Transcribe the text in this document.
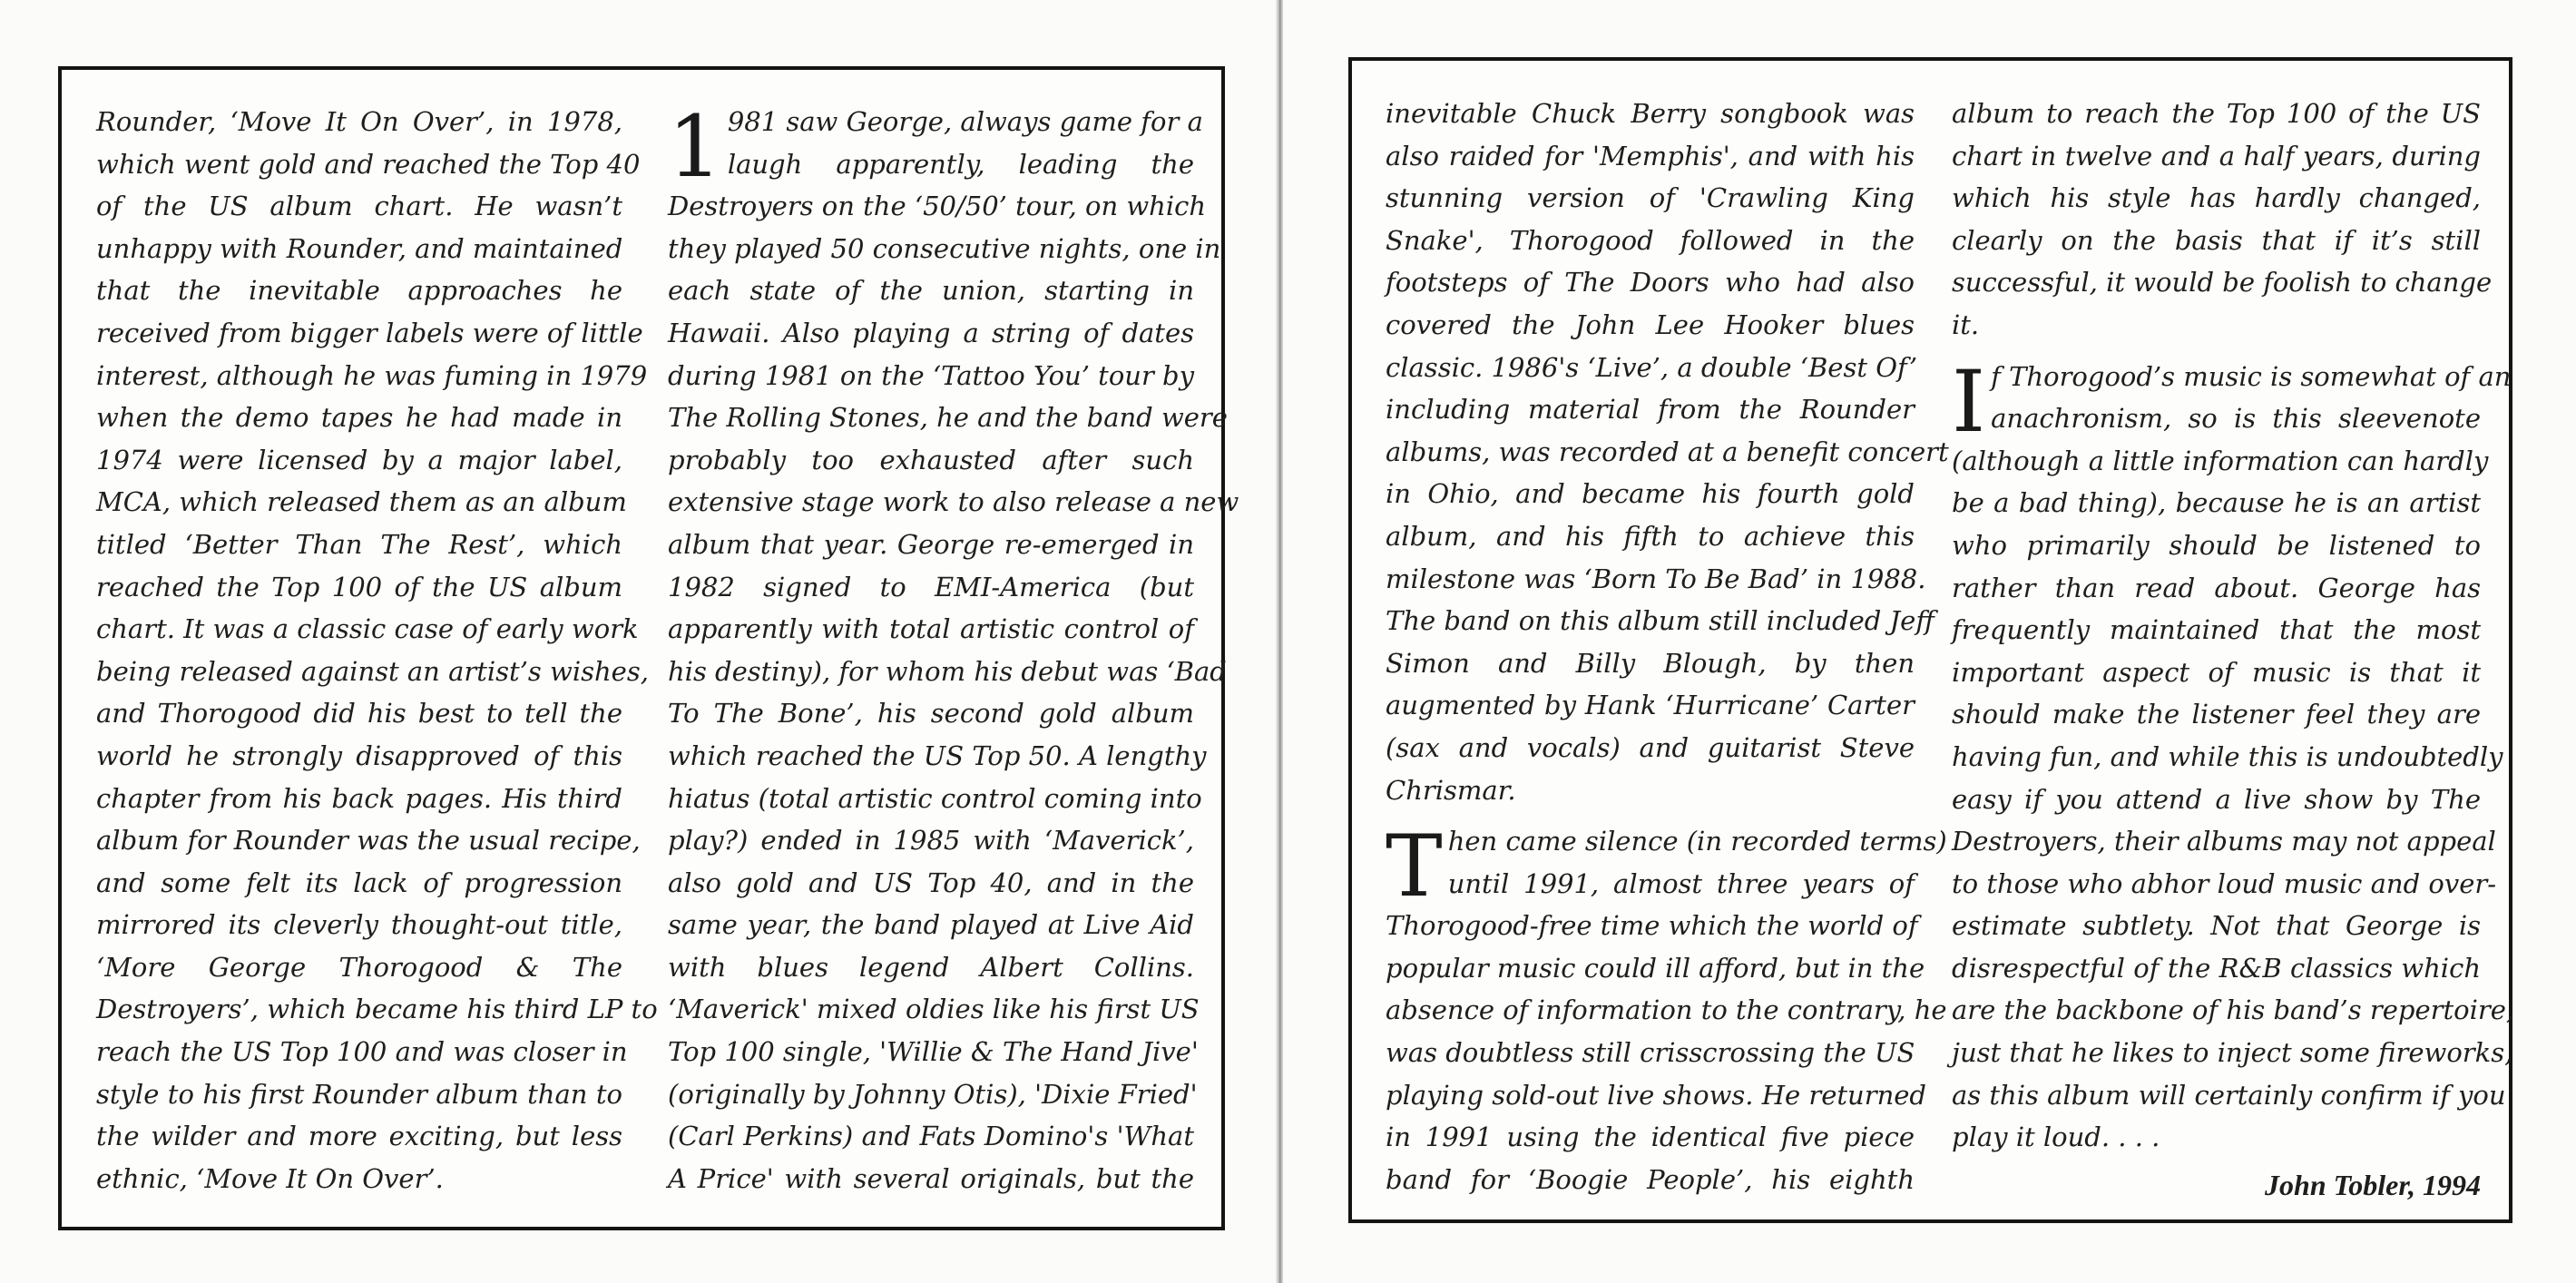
Rounder, ‘Move It On Over’, in 1978,
which went gold and reached the Top 40
of the US album chart. He wasn’t
unhappy with Rounder, and maintained
that the inevitable approaches he
received from bigger labels were of little
interest, although he was fuming in 1979
when the demo tapes he had made in
1974 were licensed by a major label,
MCA, which released them as an album
titled ‘Better Than The Rest’, which
reached the Top 100 of the US album
chart. It was a classic case of early work
being released against an artist’s wishes,
and Thorogood did his best to tell the
world he strongly disapproved of this
chapter from his back pages. His third
album for Rounder was the usual recipe,
and some felt its lack of progression
mirrored its cleverly thought-out title,
‘More George Thorogood & The
Destroyers’, which became his third LP to
reach the US Top 100 and was closer in
style to his first Rounder album than to
the wilder and more exciting, but less
ethnic, ‘Move It On Over’.
1 981 saw George, always game for a
laugh apparently, leading the
Destroyers on the ‘50/50’ tour, on which
they played 50 consecutive nights, one in
each state of the union, starting in
Hawaii. Also playing a string of dates
during 1981 on the ‘Tattoo You’ tour by
The Rolling Stones, he and the band were
probably too exhausted after such
extensive stage work to also release a new
album that year. George re-emerged in
1982 signed to EMI-America (but
apparently with total artistic control of
his destiny), for whom his debut was ‘Bad
To The Bone’, his second gold album
which reached the US Top 50. A lengthy
hiatus (total artistic control coming into
play?) ended in 1985 with ‘Maverick’,
also gold and US Top 40, and in the
same year, the band played at Live Aid
with blues legend Albert Collins.
‘Maverick' mixed oldies like his first US
Top 100 single, 'Willie & The Hand Jive'
(originally by Johnny Otis), 'Dixie Fried'
(Carl Perkins) and Fats Domino's 'What
A Price' with several originals, but the
inevitable Chuck Berry songbook was
also raided for 'Memphis', and with his
stunning version of 'Crawling King
Snake', Thorogood followed in the
footsteps of The Doors who had also
covered the John Lee Hooker blues
classic. 1986's ‘Live’, a double ‘Best Of’
including material from the Rounder
albums, was recorded at a benefit concert
in Ohio, and became his fourth gold
album, and his fifth to achieve this
milestone was ‘Born To Be Bad’ in 1988.
The band on this album still included Jeff
Simon and Billy Blough, by then
augmented by Hank ‘Hurricane’ Carter
(sax and vocals) and guitarist Steve
Chrismar.
T hen came silence (in recorded terms)
until 1991, almost three years of
Thorogood-free time which the world of
popular music could ill afford, but in the
absence of information to the contrary, he
was doubtless still crisscrossing the US
playing sold-out live shows. He returned
in 1991 using the identical five piece
band for ‘Boogie People’, his eighth
album to reach the Top 100 of the US
chart in twelve and a half years, during
which his style has hardly changed,
clearly on the basis that if it’s still
successful, it would be foolish to change
it.
I f Thorogood’s music is somewhat of an
anachronism, so is this sleevenote
(although a little information can hardly
be a bad thing), because he is an artist
who primarily should be listened to
rather than read about. George has
frequently maintained that the most
important aspect of music is that it
should make the listener feel they are
having fun, and while this is undoubtedly
easy if you attend a live show by The
Destroyers, their albums may not appeal
to those who abhor loud music and over-
estimate subtlety. Not that George is
disrespectful of the R&B classics which
are the backbone of his band’s repertoire,
just that he likes to inject some fireworks,
as this album will certainly confirm if you
play it loud. . . .
John Tobler, 1994
